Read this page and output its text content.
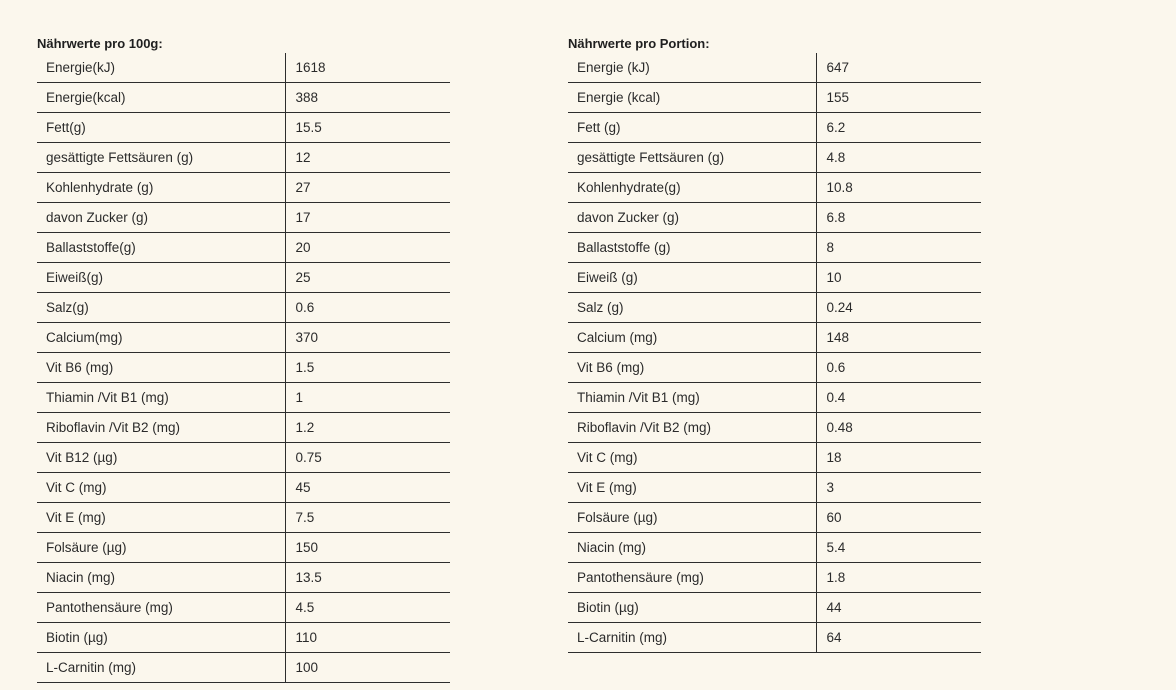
Nährwerte pro 100g:
Energie(kJ)	1618
Energie(kcal)	388
Fett(g)	15.5
gesättigte Fettsäuren (g)	12
Kohlenhydrate (g)	27
davon Zucker (g)	17
Ballaststoffe(g)	20
Eiweiß(g)	25
Salz(g)	0.6
Calcium(mg)	370
Vit B6 (mg)	1.5
Thiamin /Vit B1 (mg)	1
Riboflavin /Vit B2 (mg)	1.2
Vit B12 (µg)	0.75
Vit C (mg)	45
Vit E (mg)	7.5
Folsäure (µg)	150
Niacin (mg)	13.5
Pantothensäure (mg)	4.5
Biotin (µg)	110
L-Carnitin (mg)	100
Nährwerte pro Portion:
Energie (kJ)	647
Energie (kcal)	155
Fett (g)	6.2
gesättigte Fettsäuren (g)	4.8
Kohlenhydrate(g)	10.8
davon Zucker (g)	6.8
Ballaststoffe (g)	8
Eiweiß (g)	10
Salz (g)	0.24
Calcium (mg)	148
Vit B6 (mg)	0.6
Thiamin /Vit B1 (mg)	0.4
Riboflavin /Vit B2 (mg)	0.48
Vit C (mg)	18
Vit E (mg)	3
Folsäure (µg)	60
Niacin (mg)	5.4
Pantothensäure (mg)	1.8
Biotin (µg)	44
L-Carnitin (mg)	64
